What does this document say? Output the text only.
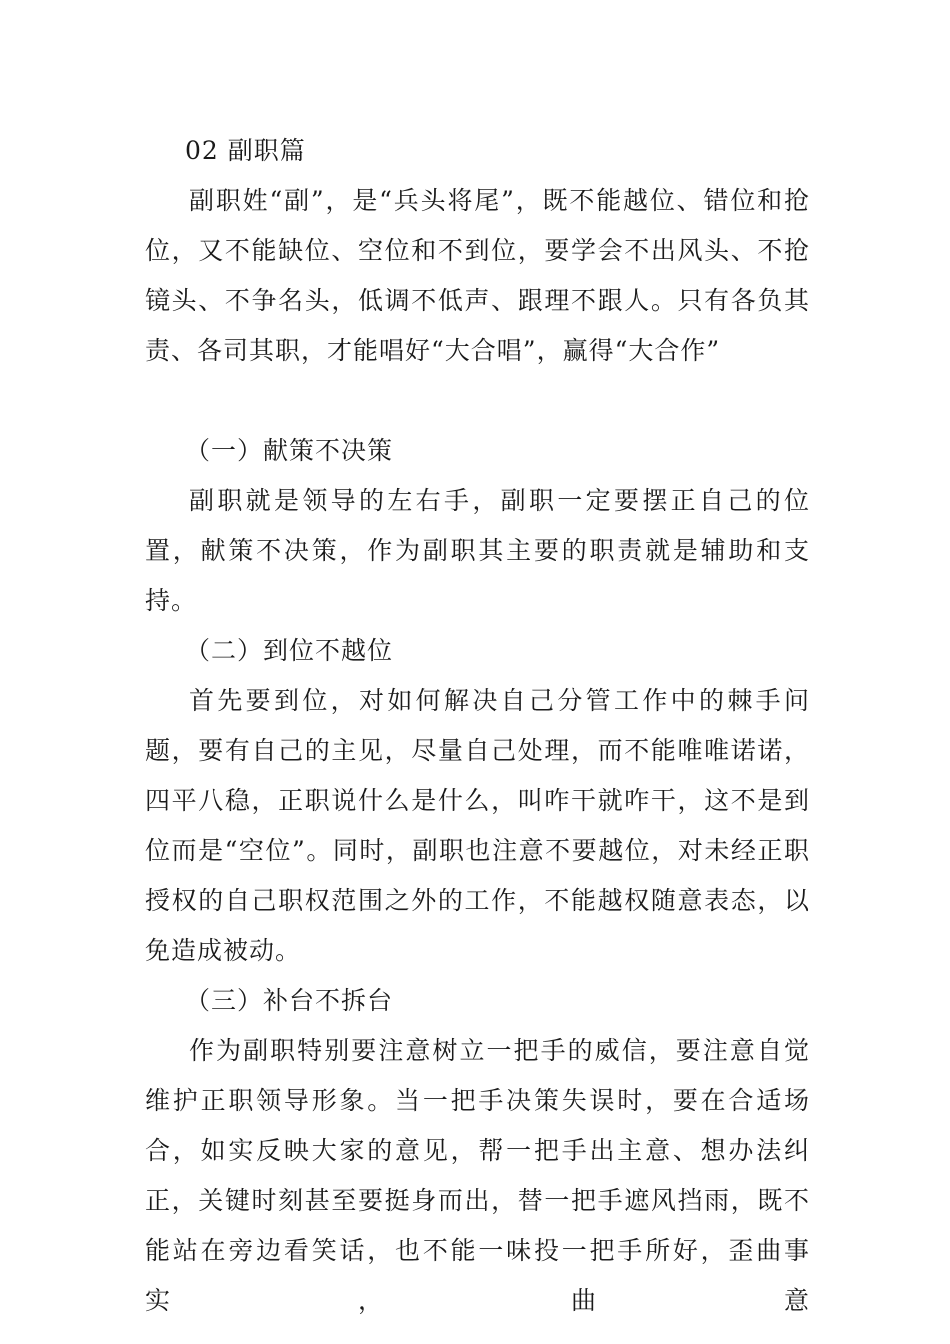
02 副职篇

副职姓“副”，是“兵头将尾”，既不能越位、错位和抢位，又不能缺位、空位和不到位，要学会不出风头、不抢镜头、不争名头，低调不低声、跟理不跟人。只有各负其责、各司其职，才能唱好“大合唱”，赢得“大合作”

（一）献策不决策

副职就是领导的左右手，副职一定要摆正自己的位置，献策不决策，作为副职其主要的职责就是辅助和支持。

（二）到位不越位

首先要到位，对如何解决自己分管工作中的棘手问题，要有自己的主见，尽量自己处理，而不能唯唯诺诺，四平八稳，正职说什么是什么，叫咋干就咋干，这不是到位而是“空位”。同时，副职也注意不要越位，对未经正职授权的自己职权范围之外的工作，不能越权随意表态，以免造成被动。

（三）补台不拆台

作为副职特别要注意树立一把手的威信，要注意自觉维护正职领导形象。当一把手决策失误时，要在合适场合，如实反映大家的意见，帮一把手出主意、想办法纠正，关键时刻甚至要挺身而出，替一把手遮风挡雨，既不能站在旁边看笑话，也不能一味投一把手所好，歪曲事实，曲意
